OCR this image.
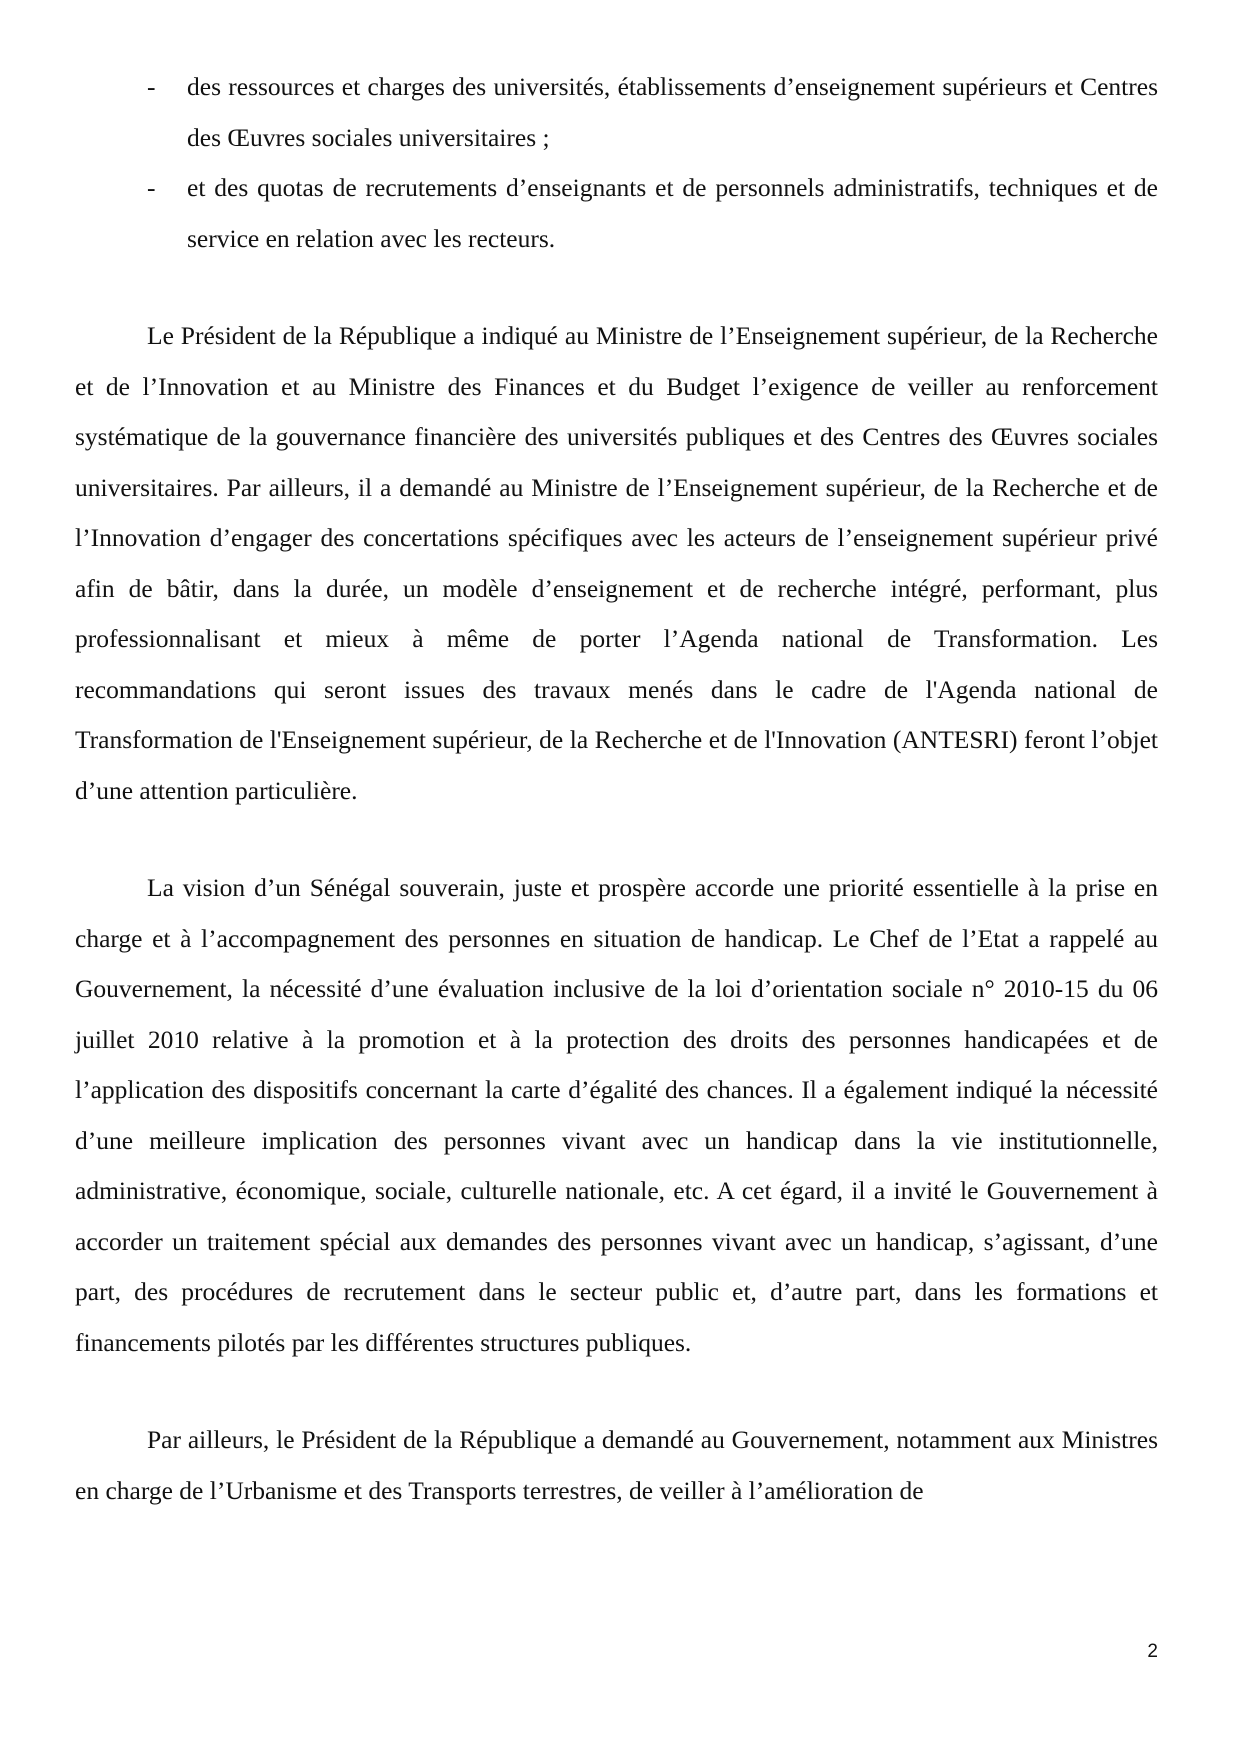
- des ressources et charges des universités, établissements d’enseignement supérieurs et Centres des Œuvres sociales universitaires ;
- et des quotas de recrutements d’enseignants et de personnels administratifs, techniques et de service en relation avec les recteurs.

Le Président de la République a indiqué au Ministre de l’Enseignement supérieur, de la Recherche et de l’Innovation et au Ministre des Finances et du Budget l’exigence de veiller au renforcement systématique de la gouvernance financière des universités publiques et des Centres des Œuvres sociales universitaires. Par ailleurs, il a demandé au Ministre de l’Enseignement supérieur, de la Recherche et de l’Innovation d’engager des concertations spécifiques avec les acteurs de l’enseignement supérieur privé afin de bâtir, dans la durée, un modèle d’enseignement et de recherche intégré, performant, plus professionnalisant et mieux à même de porter l’Agenda national de Transformation. Les recommandations qui seront issues des travaux menés dans le cadre de l'Agenda national de Transformation de l'Enseignement supérieur, de la Recherche et de l'Innovation (ANTESRI) feront l’objet d’une attention particulière.

La vision d’un Sénégal souverain, juste et prospère accorde une priorité essentielle à la prise en charge et à l’accompagnement des personnes en situation de handicap. Le Chef de l’Etat a rappelé au Gouvernement, la nécessité d’une évaluation inclusive de la loi d’orientation sociale n° 2010-15 du 06 juillet 2010 relative à la promotion et à la protection des droits des personnes handicapées et de l’application des dispositifs concernant la carte d’égalité des chances. Il a également indiqué la nécessité d’une meilleure implication des personnes vivant avec un handicap dans la vie institutionnelle, administrative, économique, sociale, culturelle nationale, etc. A cet égard, il a invité le Gouvernement à accorder un traitement spécial aux demandes des personnes vivant avec un handicap, s’agissant, d’une part, des procédures de recrutement dans le secteur public et, d’autre part, dans les formations et financements pilotés par les différentes structures publiques.

Par ailleurs, le Président de la République a demandé au Gouvernement, notamment aux Ministres en charge de l’Urbanisme et des Transports terrestres, de veiller à l’amélioration de

2
